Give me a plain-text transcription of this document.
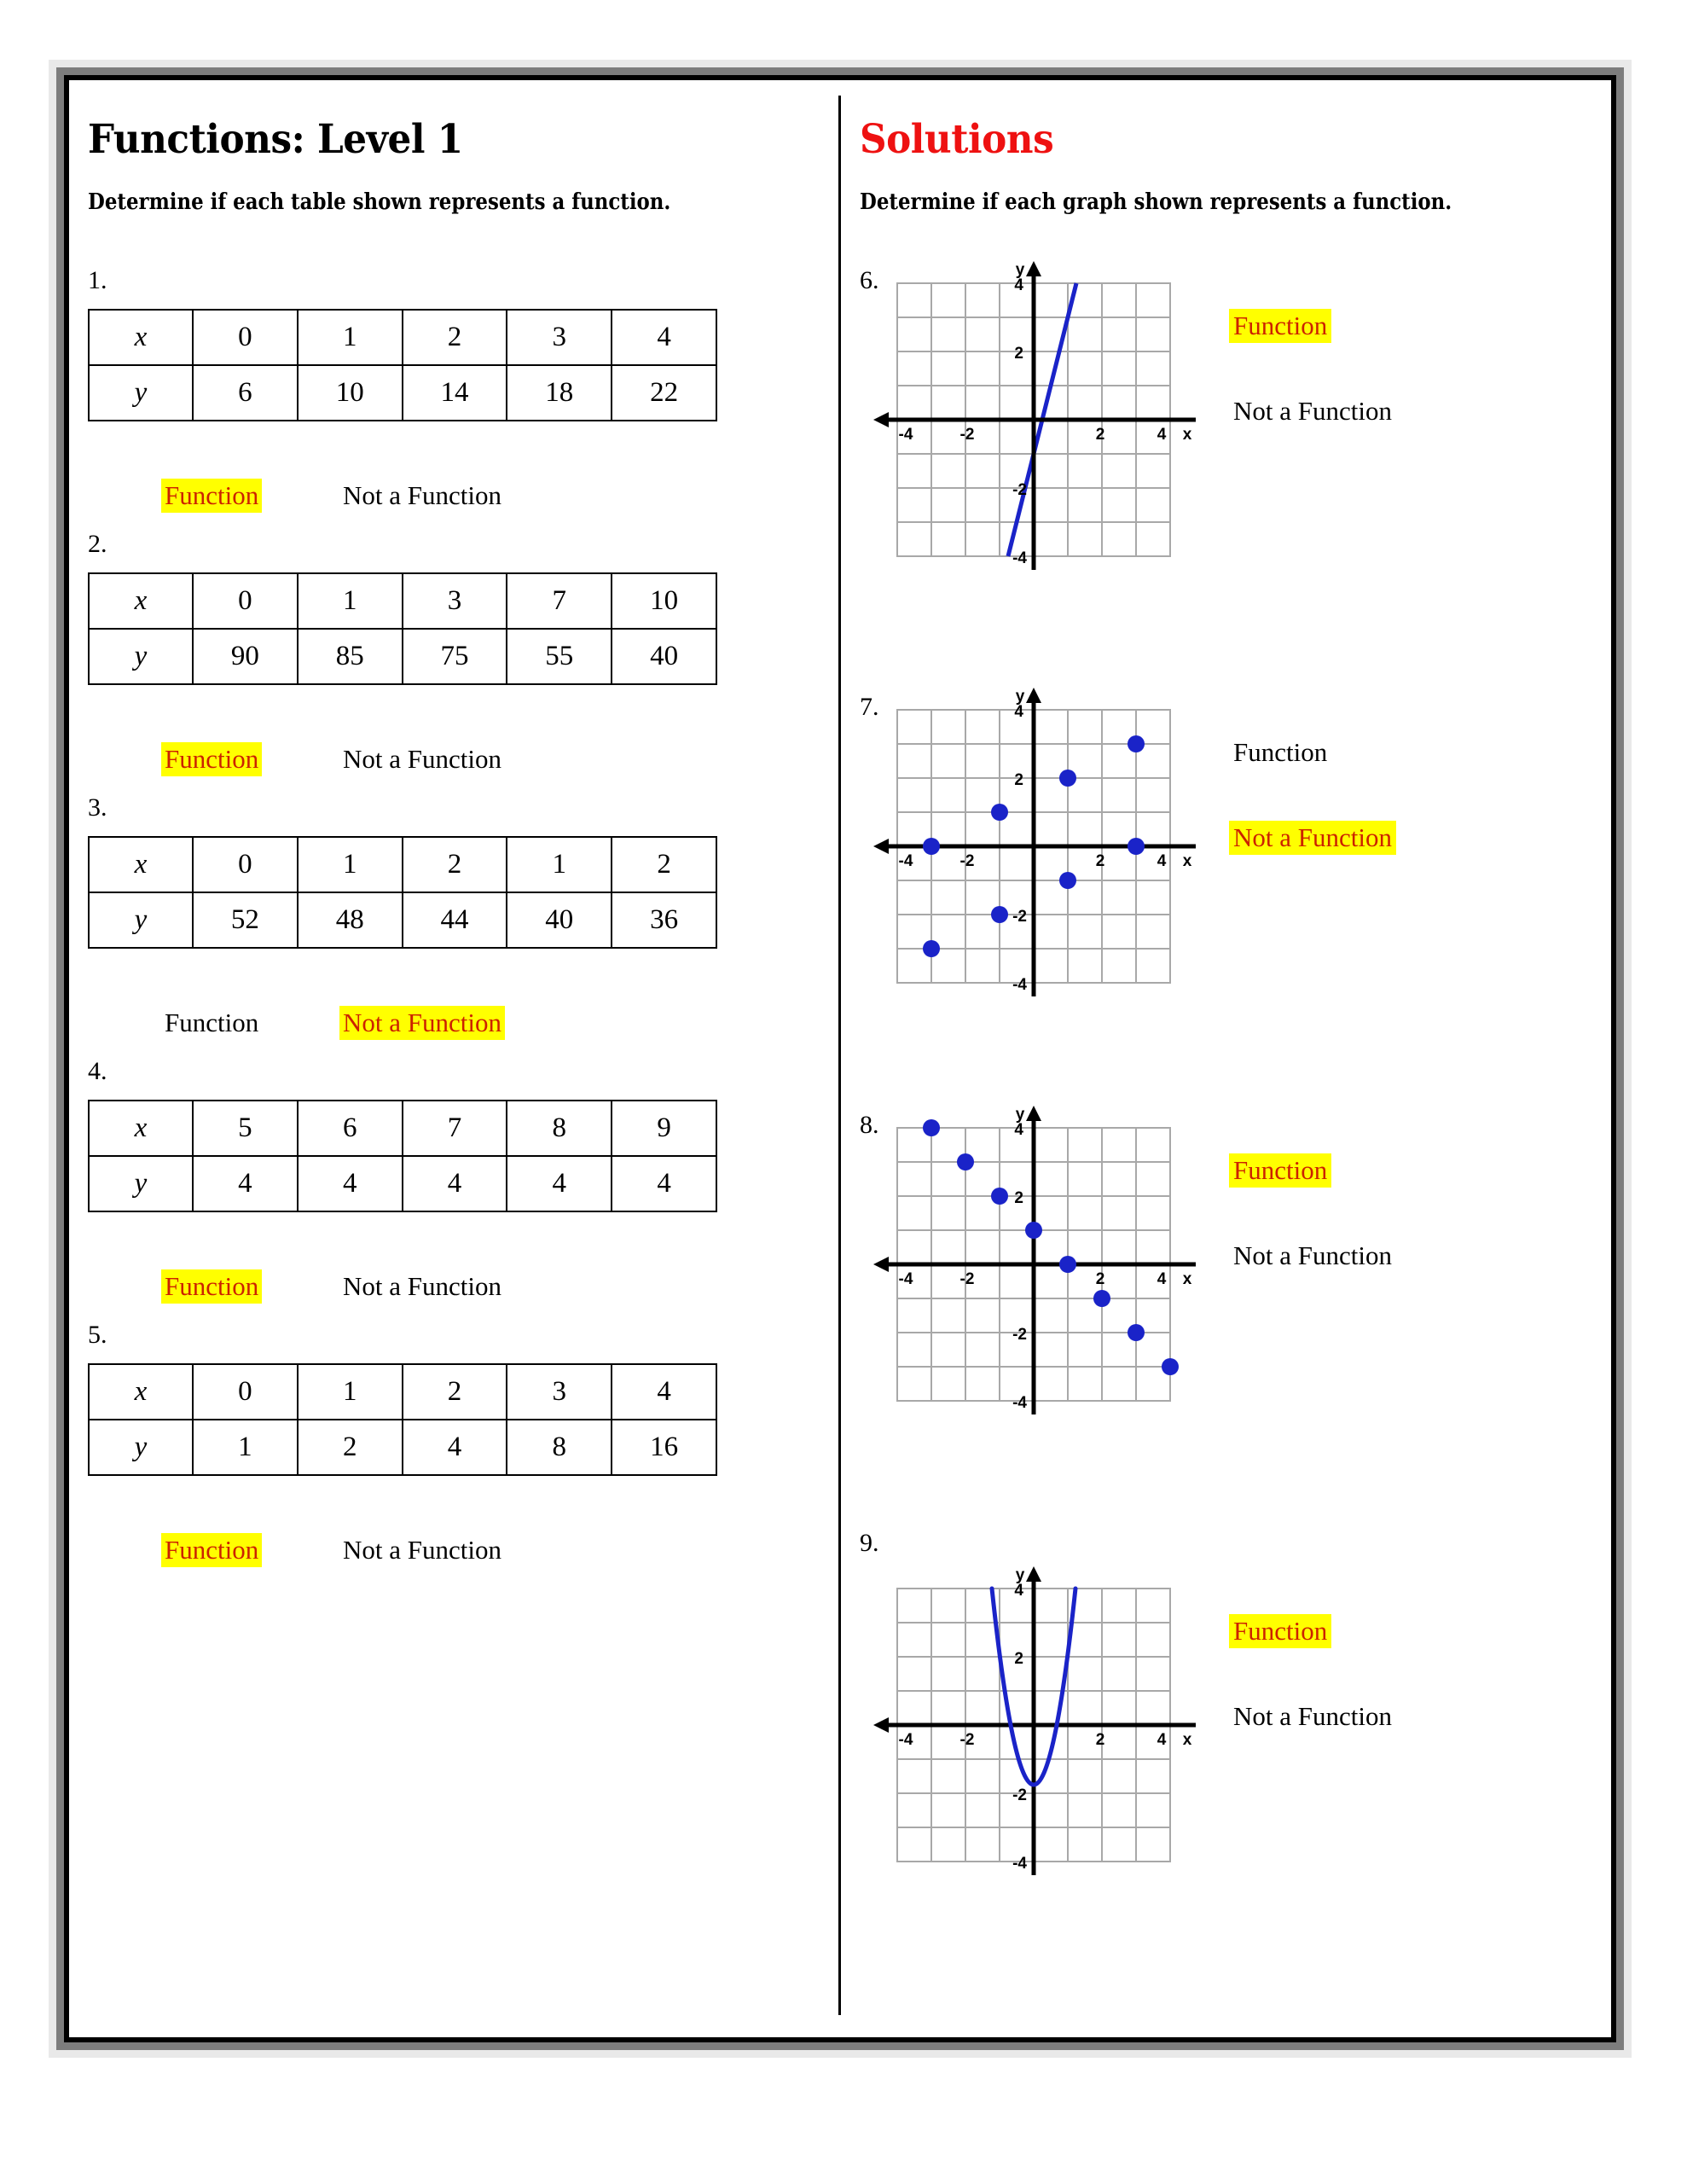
Functions: Level 1
Determine if each table shown represents a function.
1.
x	0	1	2	3	4
y	6	10	14	18	22
Function	Not a Function
2.
x	0	1	3	7	10
y	90	85	75	55	40
Function	Not a Function
3.
x	0	1	2	1	2
y	52	48	44	40	36
Function	Not a Function
4.
x	5	6	7	8	9
y	4	4	4	4	4
Function	Not a Function
5.
x	0	1	2	3	4
y	1	2	4	8	16
Function	Not a Function
Solutions
Determine if each graph shown represents a function.
6.
-4	-2	2	4
4
2
-2
-4
y
x
Function
Not a Function
7.
-4	-2	2	4
4
2
-2
-4
y
x
Function
Not a Function
8.
-4	-2	2	4
4
2
-2
-4
y
x
Function
Not a Function
9.
-4	-2	2	4
4
2
-2
-4
y
x
Function
Not a Function
